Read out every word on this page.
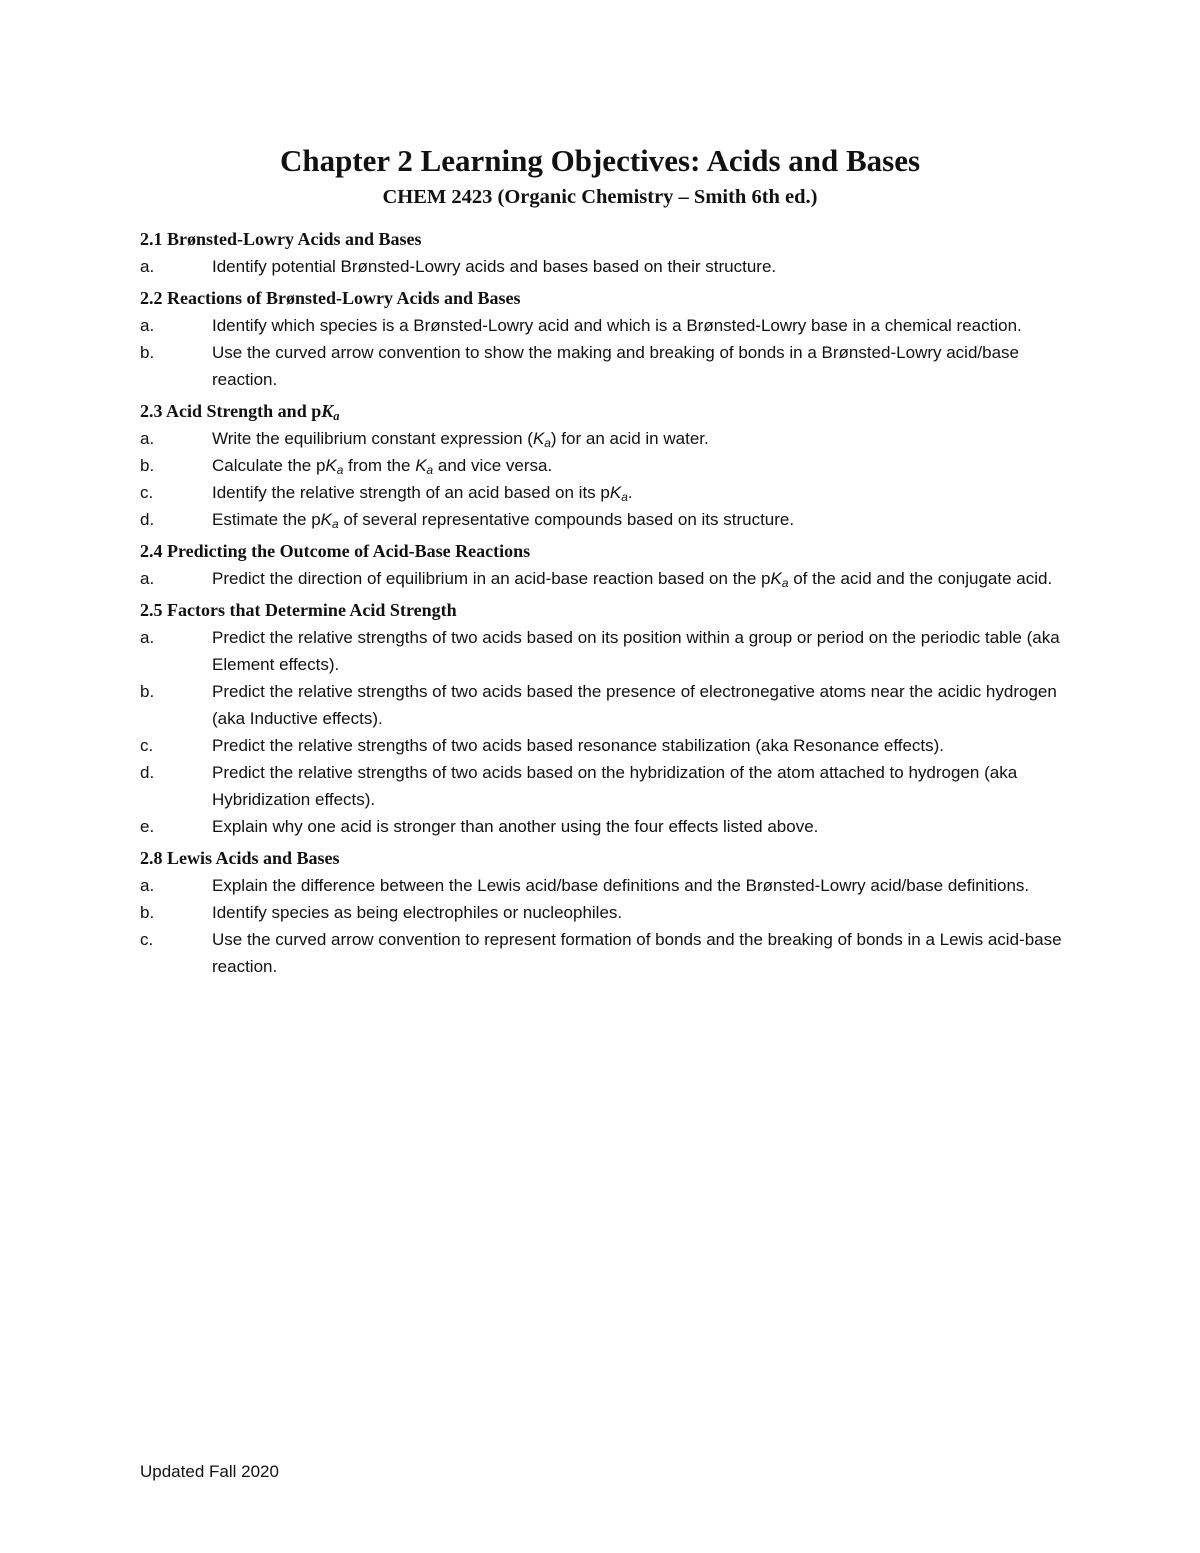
Chapter 2 Learning Objectives: Acids and Bases
CHEM 2423 (Organic Chemistry – Smith 6th ed.)
2.1 Brønsted-Lowry Acids and Bases
a.	Identify potential Brønsted-Lowry acids and bases based on their structure.
2.2 Reactions of Brønsted-Lowry Acids and Bases
a.	Identify which species is a Brønsted-Lowry acid and which is a Brønsted-Lowry base in a chemical reaction.
b.	Use the curved arrow convention to show the making and breaking of bonds in a Brønsted-Lowry acid/base reaction.
2.3 Acid Strength and $pK_a$
a.	Write the equilibrium constant expression $(K_a)$ for an acid in water.
b.	Calculate the $pK_a$ from the $K_a$ and vice versa.
c.	Identify the relative strength of an acid based on its $pK_a$.
d.	Estimate the $pK_a$ of several representative compounds based on its structure.
2.4 Predicting the Outcome of Acid-Base Reactions
a.	Predict the direction of equilibrium in an acid-base reaction based on the $pK_a$ of the acid and the conjugate acid.
2.5 Factors that Determine Acid Strength
a.	Predict the relative strengths of two acids based on its position within a group or period on the periodic table (aka Element effects).
b.	Predict the relative strengths of two acids based the presence of electronegative atoms near the acidic hydrogen (aka Inductive effects).
c.	Predict the relative strengths of two acids based resonance stabilization (aka Resonance effects).
d.	Predict the relative strengths of two acids based on the hybridization of the atom attached to hydrogen (aka Hybridization effects).
e.	Explain why one acid is stronger than another using the four effects listed above.
2.8 Lewis Acids and Bases
a.	Explain the difference between the Lewis acid/base definitions and the Brønsted-Lowry acid/base definitions.
b.	Identify species as being electrophiles or nucleophiles.
c.	Use the curved arrow convention to represent formation of bonds and the breaking of bonds in a Lewis acid-base reaction.
Updated Fall 2020
